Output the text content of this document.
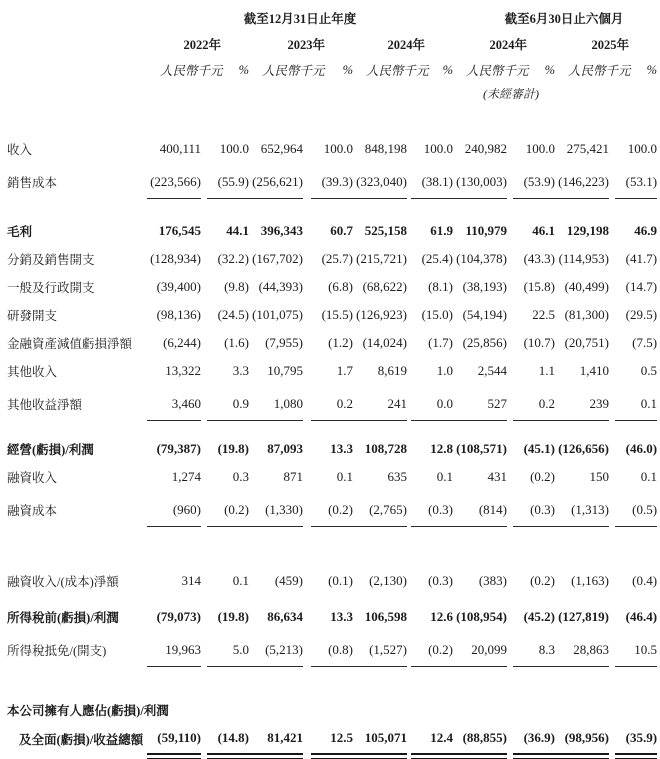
	截至12月31日止年度						截至6月30日止六個月			
	2022年		2023年		2024年		2024年		2025年	
	人民幣千元	%	人民幣千元	%	人民幣千元	%	人民幣千元	%	人民幣千元	%
							(未經審計)			

收入	400,111	100.0	652,964	100.0	848,198	100.0	240,982	100.0	275,421	100.0
銷售成本	(223,566)	(55.9)	(256,621)	(39.3)	(323,040)	(38.1)	(130,003)	(53.9)	(146,223)	(53.1)

毛利	176,545	44.1	396,343	60.7	525,158	61.9	110,979	46.1	129,198	46.9
分銷及銷售開支	(128,934)	(32.2)	(167,702)	(25.7)	(215,721)	(25.4)	(104,378)	(43.3)	(114,953)	(41.7)
一般及行政開支	(39,400)	(9.8)	(44,393)	(6.8)	(68,622)	(8.1)	(38,193)	(15.8)	(40,499)	(14.7)
研發開支	(98,136)	(24.5)	(101,075)	(15.5)	(126,923)	(15.0)	(54,194)	22.5	(81,300)	(29.5)
金融資產減值虧損淨額	(6,244)	(1.6)	(7,955)	(1.2)	(14,024)	(1.7)	(25,856)	(10.7)	(20,751)	(7.5)
其他收入	13,322	3.3	10,795	1.7	8,619	1.0	2,544	1.1	1,410	0.5
其他收益淨額	3,460	0.9	1,080	0.2	241	0.0	527	0.2	239	0.1

經營(虧損)/利潤	(79,387)	(19.8)	87,093	13.3	108,728	12.8	(108,571)	(45.1)	(126,656)	(46.0)
融資收入	1,274	0.3	871	0.1	635	0.1	431	(0.2)	150	0.1
融資成本	(960)	(0.2)	(1,330)	(0.2)	(2,765)	(0.3)	(814)	(0.3)	(1,313)	(0.5)

融資收入/(成本)淨額	314	0.1	(459)	(0.1)	(2,130)	(0.3)	(383)	(0.2)	(1,163)	(0.4)

所得稅前(虧損)/利潤	(79,073)	(19.8)	86,634	13.3	106,598	12.6	(108,954)	(45.2)	(127,819)	(46.4)
所得稅抵免/(開支)	19,963	5.0	(5,213)	(0.8)	(1,527)	(0.2)	20,099	8.3	28,863	10.5

本公司擁有人應佔(虧損)/利潤										
及全面(虧損)/收益總額	(59,110)	(14.8)	81,421	12.5	105,071	12.4	(88,855)	(36.9)	(98,956)	(35.9)
